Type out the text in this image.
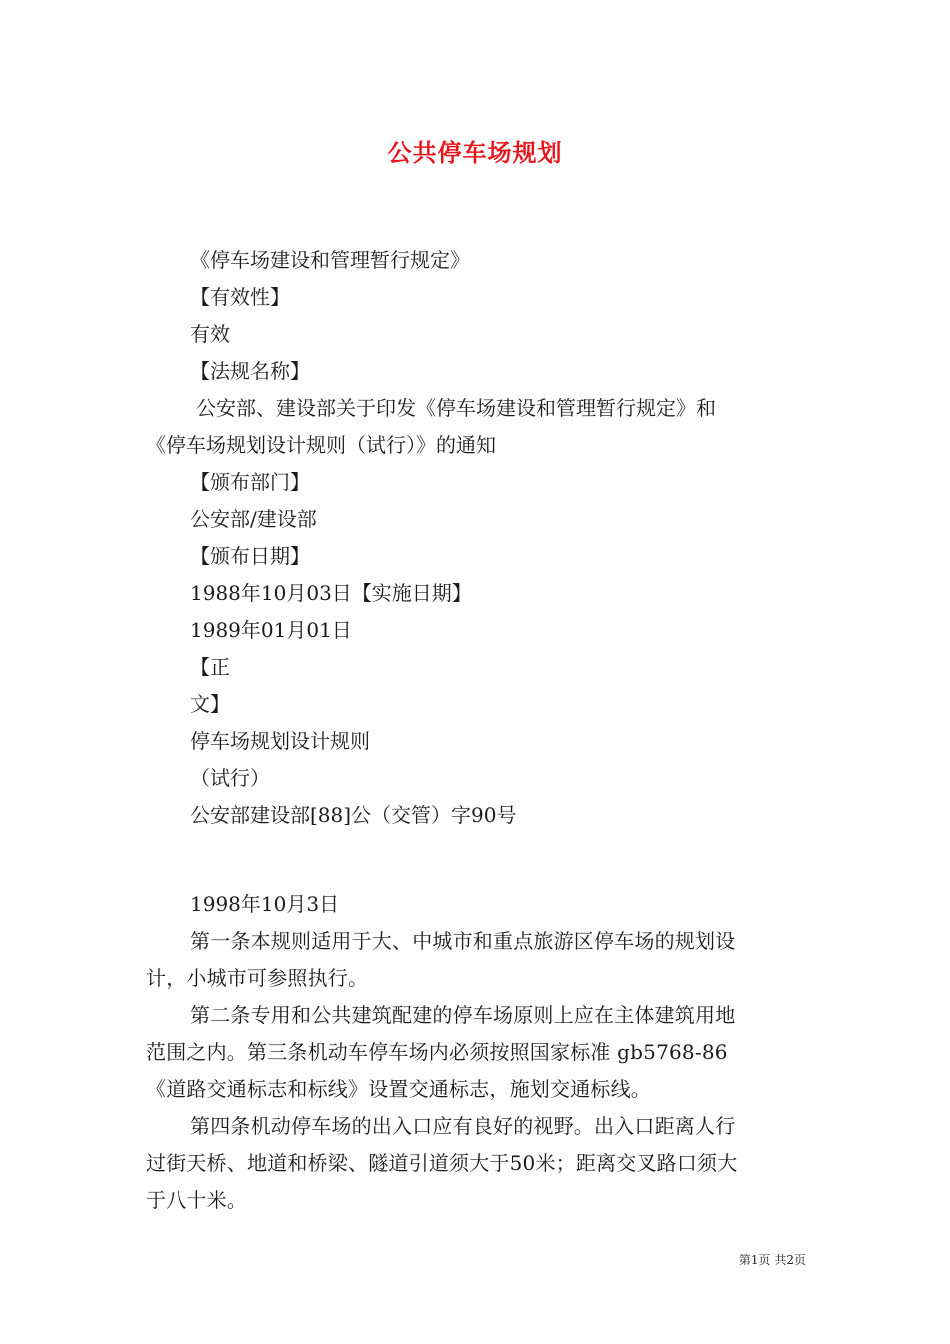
公共停车场规划
《停车场建设和管理暂行规定》
【有效性】
有效
【法规名称】
公安部、建设部关于印发《停车场建设和管理暂行规定》和
《停车场规划设计规则（试行）》的通知
【颁布部门】
公安部/建设部
【颁布日期】
1988年10月03日【实施日期】
1989年01月01日
【正
文】
停车场规划设计规则
（试行）
公安部建设部[88]公（交管）字90号
1998年10月3日
第一条本规则适用于大、中城市和重点旅游区停车场的规划设
计，小城市可参照执行。
第二条专用和公共建筑配建的停车场原则上应在主体建筑用地
范围之内。第三条机动车停车场内必须按照国家标准 gb5768-86
《道路交通标志和标线》设置交通标志，施划交通标线。
第四条机动停车场的出入口应有良好的视野。出入口距离人行
过街天桥、地道和桥梁、隧道引道须大于50米；距离交叉路口须大
于八十米。
第1页 共2页
